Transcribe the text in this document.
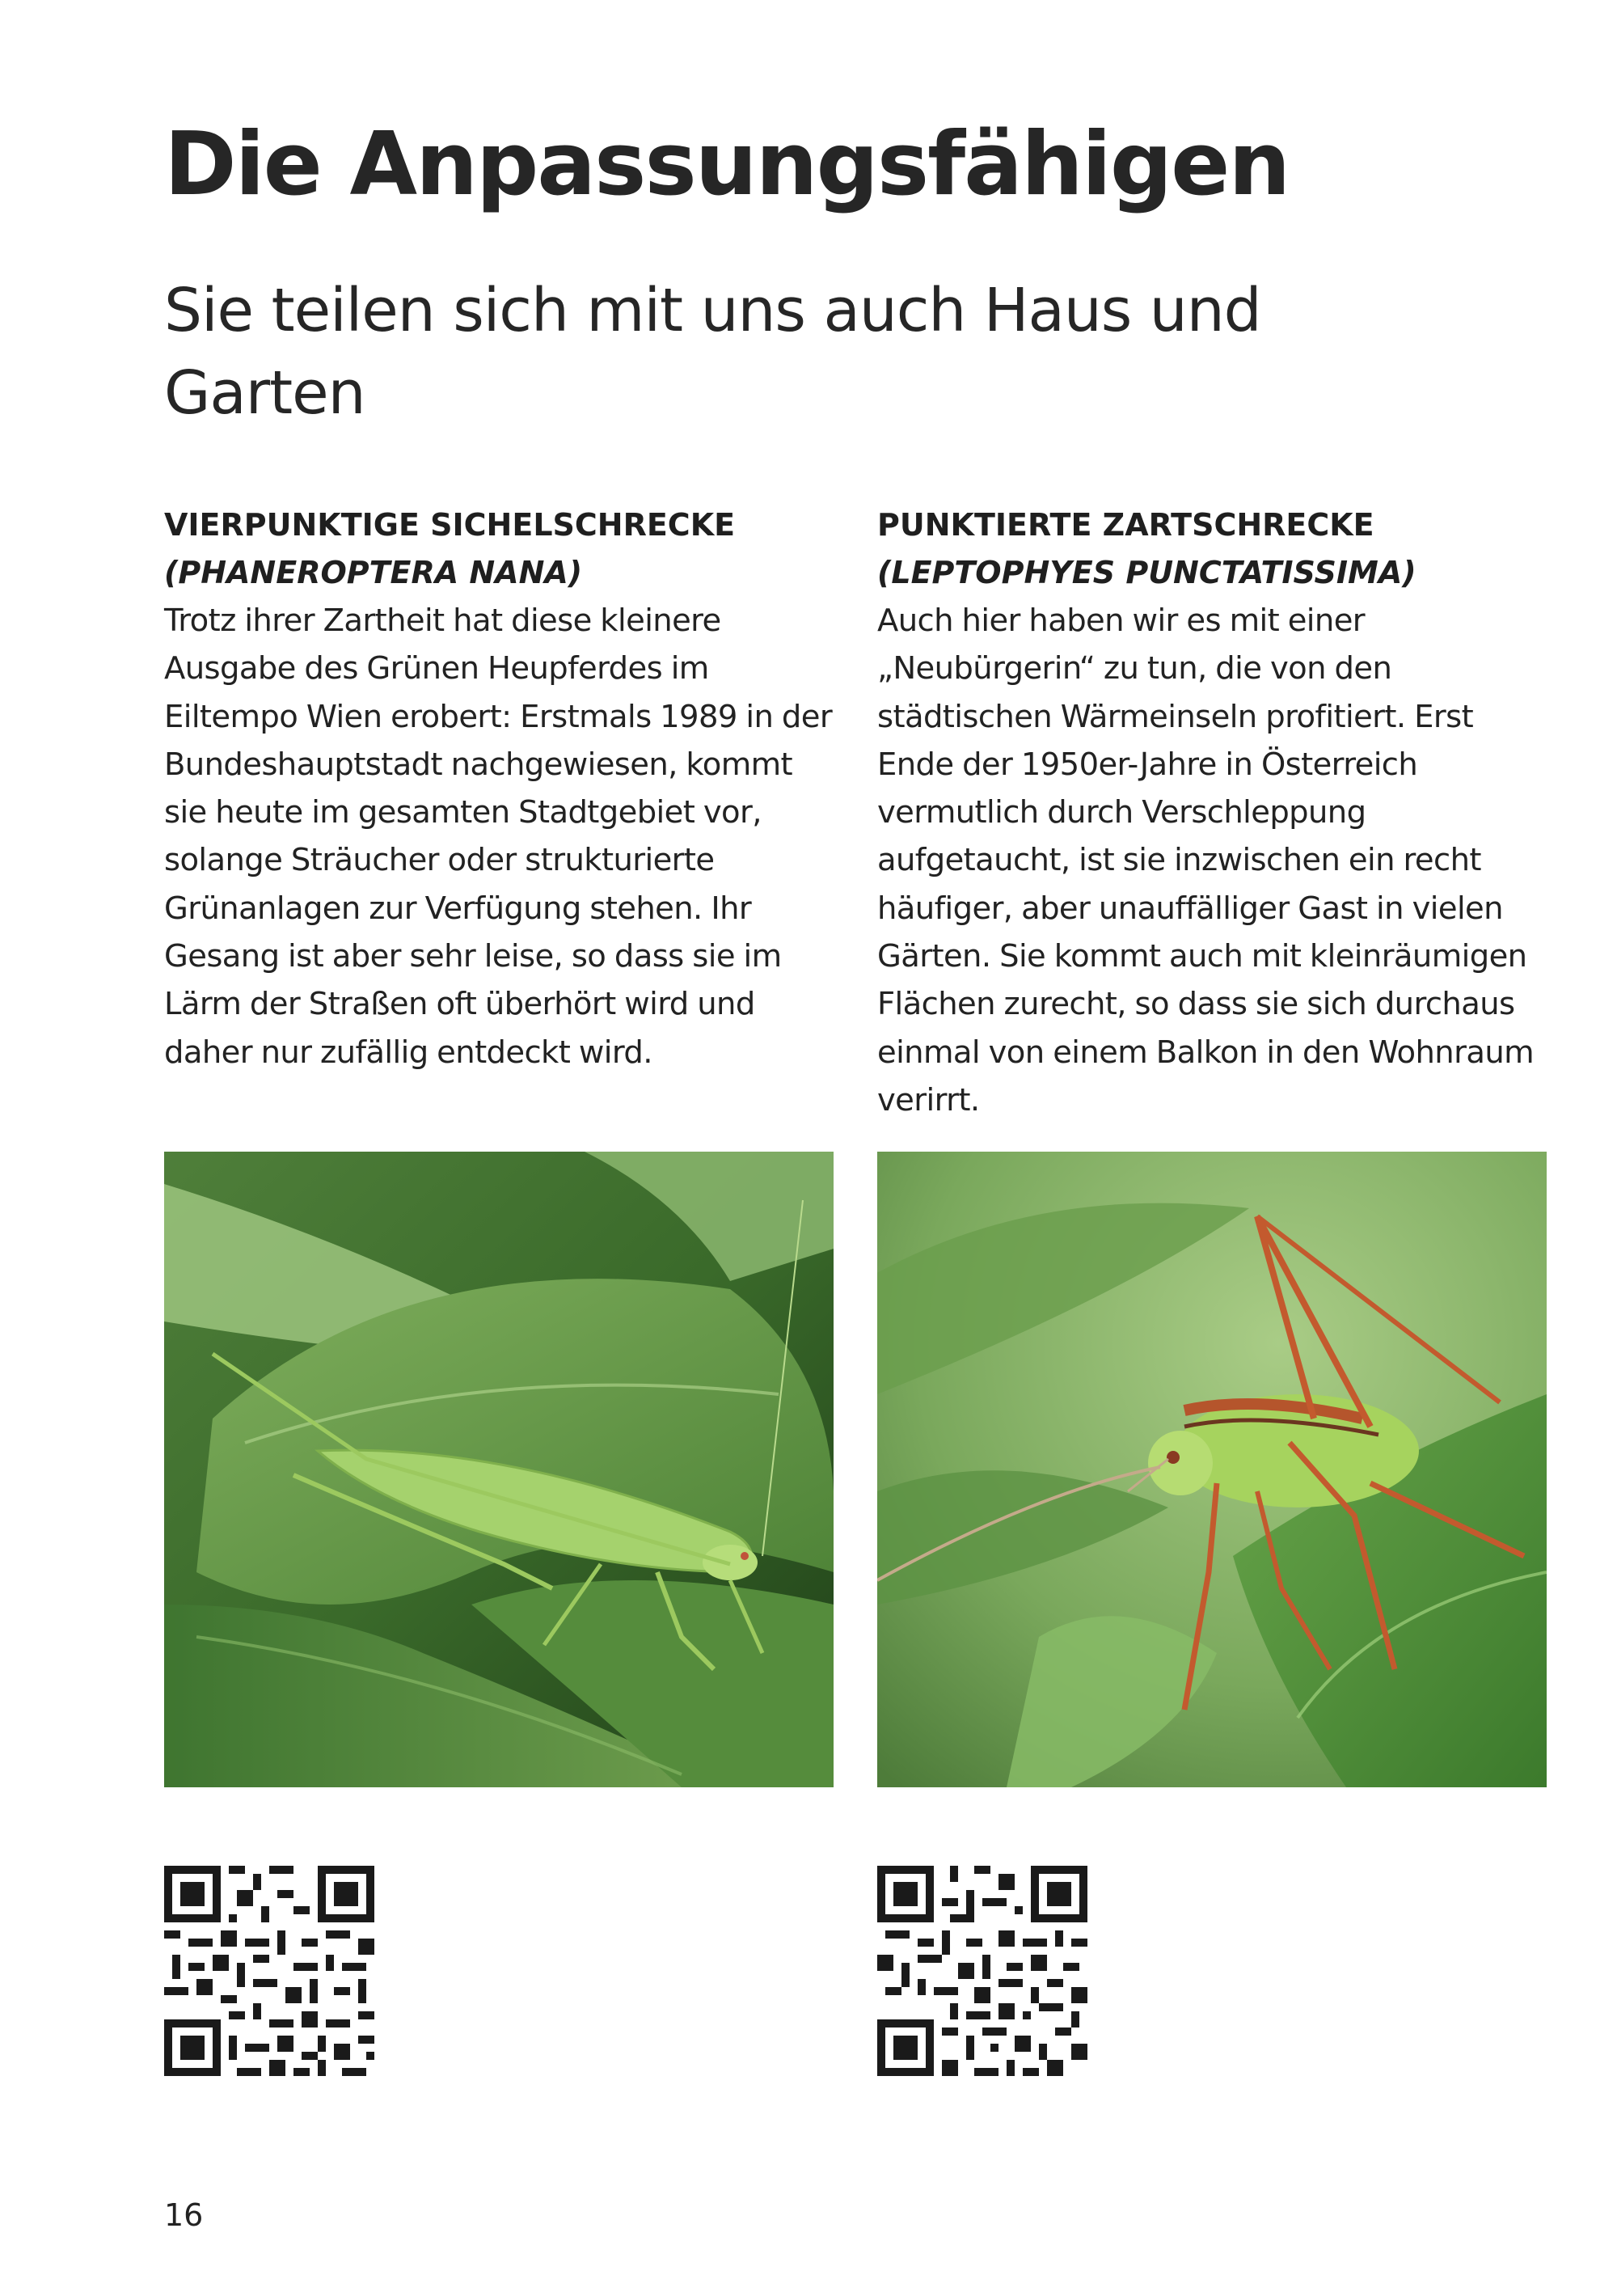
Die Anpassungsfähigen
Sie teilen sich mit uns auch Haus und Garten

VIERPUNKTIGE SICHELSCHRECKE

(PHANEROPTERA NANA)

Trotz ihrer Zartheit hat diese kleinere Ausgabe des Grünen Heupferdes im Eiltempo Wien erobert: Erstmals 1989 in der Bundeshauptstadt nachgewiesen, kommt sie heute im gesamten Stadtgebiet vor, solange Sträucher oder strukturierte Grünanlagen zur Verfügung stehen. Ihr Gesang ist aber sehr leise, so dass sie im Lärm der Straßen oft überhört wird und daher nur zufällig entdeckt wird.

PUNKTIERTE ZARTSCHRECKE

(LEPTOPHYES PUNCTATISSIMA)

Auch hier haben wir es mit einer „Neubürgerin“ zu tun, die von den städtischen Wärmeinseln profitiert. Erst Ende der 1950er-Jahre in Österreich vermutlich durch Verschleppung aufgetaucht, ist sie inzwischen ein recht häufiger, aber unauffälliger Gast in vielen Gärten. Sie kommt auch mit kleinräumigen Flächen zurecht, so dass sie sich durchaus einmal von einem Balkon in den Wohnraum verirrt.

16
